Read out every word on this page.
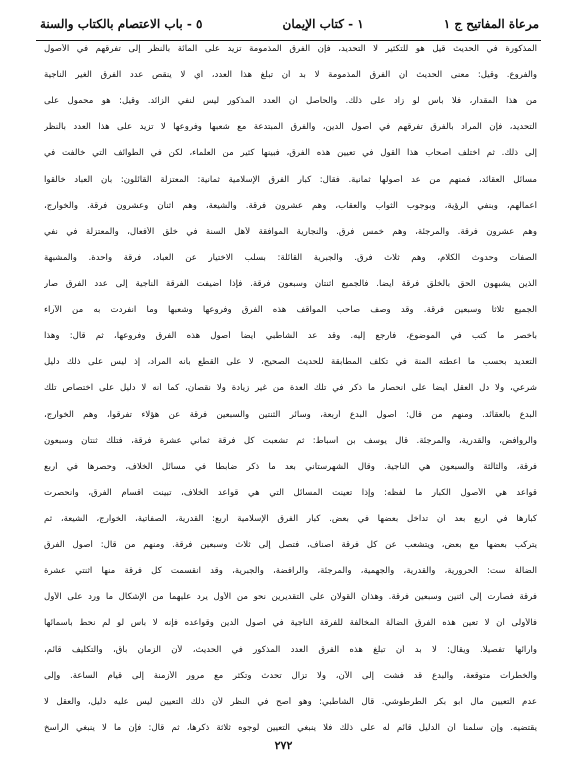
مرعاة المفاتيح ج ١
١ - كتاب الإيمان
٥ - باب الاعتصام بالكتاب والسنة
المذكورة في الحديث قيل هو للتكثير لا التحديد، فإن الفرق المذمومة تزيد على المائة بالنظر إلى تفرقهم في الأصول
والفروع. وقيل: معنى الحديث أن الفرق المذمومة لا بد أن تبلغ هذا العدد، أي لا ينقص عدد الفرق الغير الناجية
من هذا المقدار، فلا بأس لو زاد على ذلك. والحاصل أن العدد المذكور ليس لنفي الزائد. وقيل: هو محمول على
التحديد، فإن المراد بالفرق تفرقهم في أصول الدين، والفرق المبتدعة مع شعبها وفروعها لا تزيد على هذا العدد بالنظر
إلى ذلك. ثم اختلف أصحاب هذا القول في تعيين هذه الفرق، فبينها كثير من العلماء، لكن في الطوائف التي خالفت في
مسائل العقائد، فمنهم من عد أصولها ثمانية. فقال: كبار الفرق الإسلامية ثمانية: المعتزلة القائلون: بأن العباد خالقوا
أعمالهم، وبنفي الرؤية، وبوجوب الثواب والعقاب، وهم عشرون فرقة. والشيعة، وهم اثنان وعشرون فرقة. والخوارج،
وهم عشرون فرقة. والمرجئة، وهم خمس فرق. والنجارية الموافقة لأهل السنة في خلق الأفعال، والمعتزلة في نفي
الصفات وحدوث الكلام، وهم ثلاث فرق. والجبرية القائلة: بسلب الاختيار عن العباد، فرقة واحدة. والمشبهة
الذين يشبهون الحق بالخلق فرقة أيضا. فالجميع اثنتان وسبعون فرقة. فإذا أضيفت الفرقة الناجية إلى عدد الفرق صار
الجميع ثلاثا وسبعين فرقة. وقد وصف صاحب المواقف هذه الفرق وفروعها وشعبها وما انفردت به من الآراء
بأخصر ما كتب في الموضوع، فارجع إليه. وقد عد الشاطبي أيضا أصول هذه الفرق وفروعها، ثم قال: وهذا
التعديد بحسب ما أعطته المنة في تكلف المطابقة للحديث الصحيح، لا على القطع بأنه المراد، إذ ليس على ذلك دليل
شرعي، ولا دل العقل أيضا على انحصار ما ذكر في تلك العدة من غير زيادة ولا نقصان، كما أنه لا دليل على اختصاص تلك
البدع بالعقائد. ومنهم من قال: أصول البدع أربعة، وسائر الثنتين والسبعين فرقة عن هؤلاء تفرقوا، وهم الخوارج،
والروافض، والقدرية، والمرجئة. قال يوسف بن أسباط: ثم تشعبت كل فرقة ثماني عشرة فرقة، فتلك ثنتان وسبعون
فرقة، والثالثة والسبعون هي الناجية. وقال الشهرستاني بعد ما ذكر ضابطا في مسائل الخلاف، وحصرها في أربع
قواعد هي الأصول الكبار ما لفظه: وإذا تعينت المسائل التي هي قواعد الخلاف، تبينت أقسام الفرق، وانحصرت
كبارها في أربع بعد أن تداخل بعضها في بعض. كبار الفرق الإسلامية أربع: القدرية، الصفاتية، الخوارج، الشيعة، ثم
يتركب بعضها مع بعض، ويتشعب عن كل فرقة أصناف، فتصل إلى ثلاث وسبعين فرقة. ومنهم من قال: أصول الفرق
الضالة ست: الحرورية، والقدرية، والجهمية، والمرجئة، والرافضة، والجبرية، وقد انقسمت كل فرقة منها اثنتي عشرة
فرقة فصارت إلى اثنين وسبعين فرقة. وهذان القولان على التقديرين نحو من الأول يرد عليهما من الإشكال ما ورد على الأول
فالأولى أن لا تعين هذه الفرق الضالة المخالفة للفرقة الناجية في أصول الدين وقواعده فإنه لا بأس لو لم نحط بأسمائها
وآرائها تفصيلا. ويقال: لا بد أن تبلغ هذه الفرق العدد المذكور في الحديث، لأن الزمان باق، والتكليف قائم،
والخطرات متوقعة، والبدع قد فشت إلى الآن، ولا تزال تحدث وتكثر مع مرور الأزمنة إلى قيام الساعة. وإلى
عدم التعيين مال أبو بكر الطرطوشي. قال الشاطبي: وهو أصح في النظر لأن ذلك التعيين ليس عليه دليل، والعقل لا
يقتضيه. وإن سلمنا أن الدليل قائم له على ذلك فلا ينبغي التعيين لوجوه ثلاثة ذكرها، ثم قال: فإن ما لا ينبغي الراسخ
٢٧٢
